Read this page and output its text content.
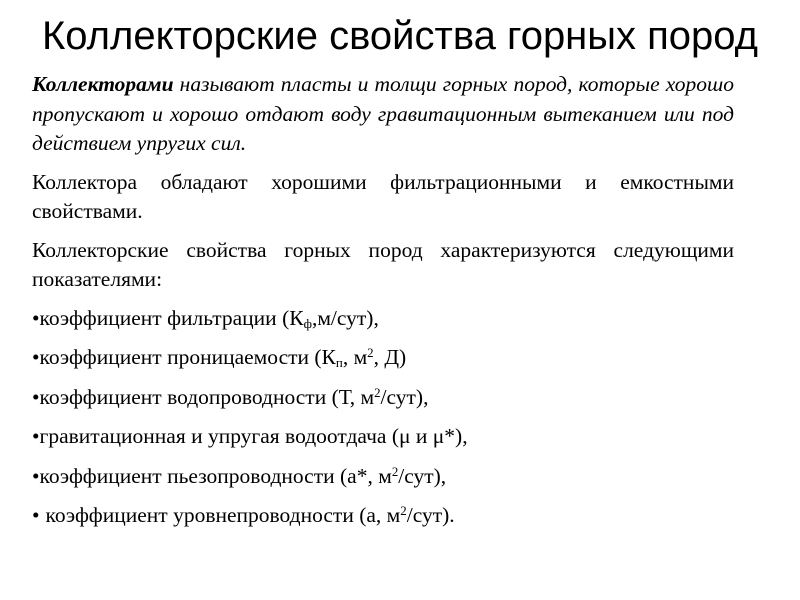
Коллекторские свойства горных пород

Коллекторами называют пласты и толщи горных пород, которые хорошо пропускают и хорошо отдают воду гравитационным вытеканием или под действием упругих сил.

Коллектора обладают хорошими фильтрационными и емкостными свойствами.

Коллекторские свойства горных пород характеризуются следующими показателями:

•коэффициент фильтрации $(К_ф,м/сут)$,
•коэффициент проницаемости ($К_п$, $м^2$, Д)
•коэффициент водопроводности (Т, $м^2/сут$),
•гравитационная и упругая водоотдача (μ и μ*),
•коэффициент пьезопроводности (а*, $м^2/сут$),
• коэффициент уровнепроводности (а, $м^2/сут$).
